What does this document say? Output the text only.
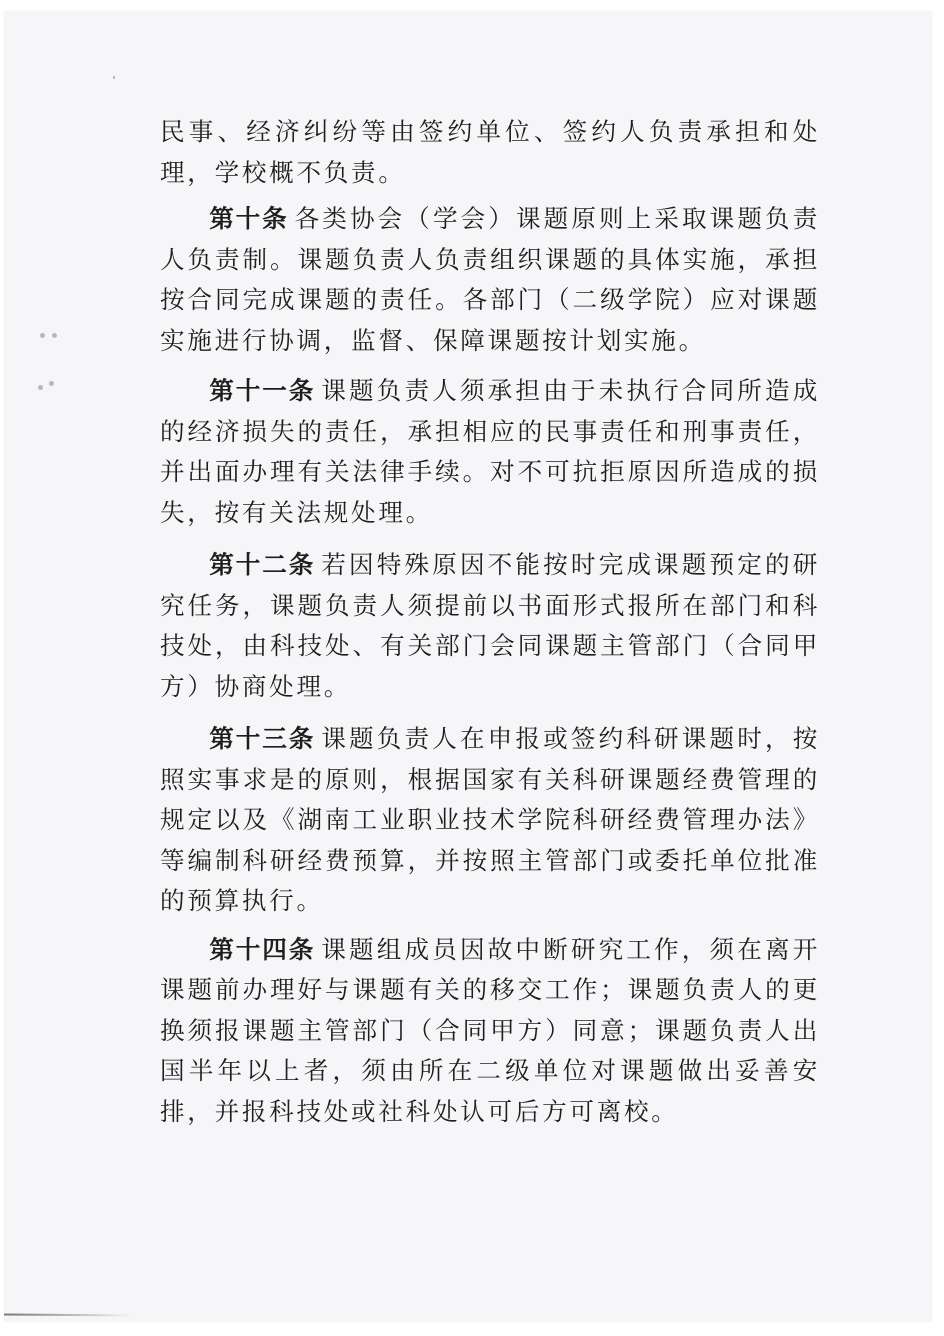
民事、经济纠纷等由签约单位、签约人负责承担和处理，学校概不负责。

第十条 各类协会（学会）课题原则上采取课题负责人负责制。课题负责人负责组织课题的具体实施，承担按合同完成课题的责任。各部门（二级学院）应对课题实施进行协调，监督、保障课题按计划实施。

第十一条 课题负责人须承担由于未执行合同所造成的经济损失的责任，承担相应的民事责任和刑事责任，并出面办理有关法律手续。对不可抗拒原因所造成的损失，按有关法规处理。

第十二条 若因特殊原因不能按时完成课题预定的研究任务，课题负责人须提前以书面形式报所在部门和科技处，由科技处、有关部门会同课题主管部门（合同甲方）协商处理。

第十三条 课题负责人在申报或签约科研课题时，按照实事求是的原则，根据国家有关科研课题经费管理的规定以及《湖南工业职业技术学院科研经费管理办法》等编制科研经费预算，并按照主管部门或委托单位批准的预算执行。

第十四条 课题组成员因故中断研究工作，须在离开课题前办理好与课题有关的移交工作；课题负责人的更换须报课题主管部门（合同甲方）同意；课题负责人出国半年以上者，须由所在二级单位对课题做出妥善安排，并报科技处或社科处认可后方可离校。
